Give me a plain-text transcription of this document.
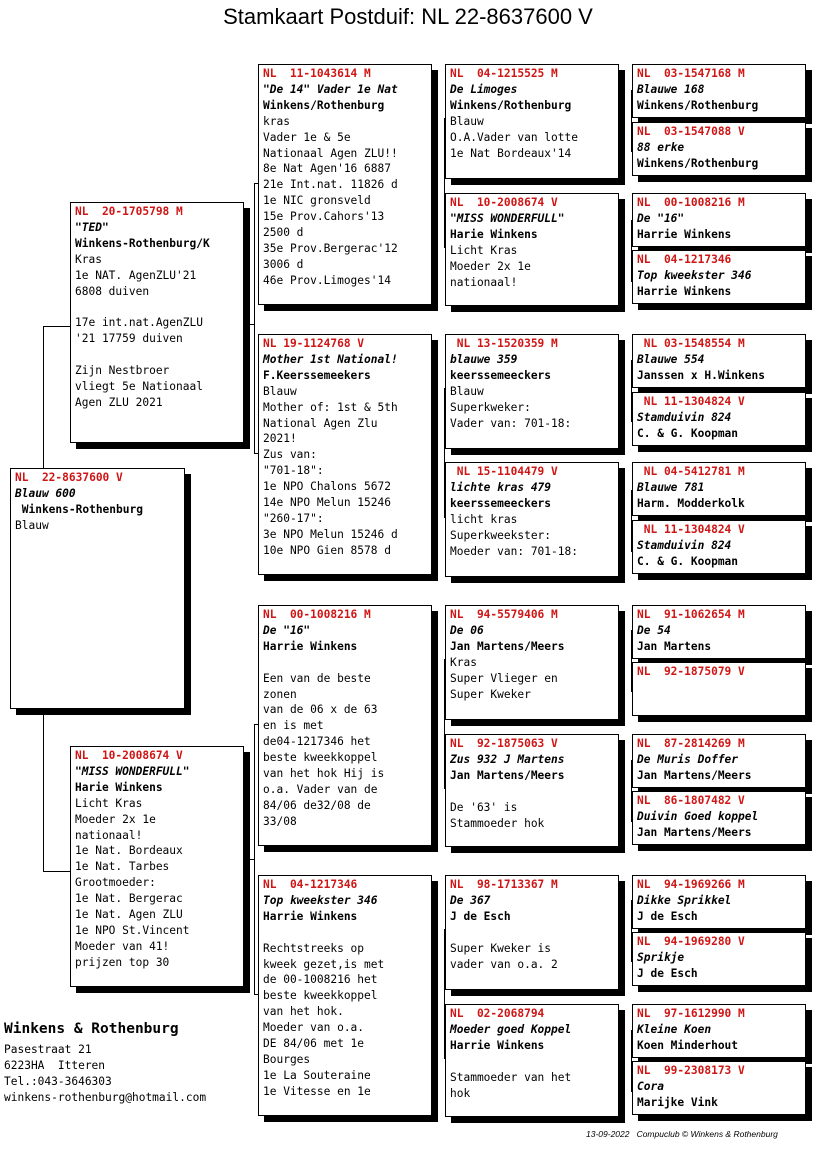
Stamkaart Postduif: NL 22-8637600 V
NL  22-8637600 V
Blauw 600
Winkens-Rothenburg
Blauw
NL  20-1705798 M
"TED"
Winkens-Rothenburg/K
Kras
1e NAT. AgenZLU'21
6808 duiven
17e int.nat.AgenZLU
'21 17759 duiven
Zijn Nestbroer
vliegt 5e Nationaal
Agen ZLU 2021
NL  10-2008674 V
"MISS WONDERFULL"
Harie Winkens
Licht Kras
Moeder 2x 1e
nationaal!
1e Nat. Bordeaux
1e Nat. Tarbes
Grootmoeder:
1e Nat. Bergerac
1e Nat. Agen ZLU
1e NPO St.Vincent
Moeder van 41!
prijzen top 30
NL  11-1043614 M
"De 14" Vader 1e Nat
Winkens/Rothenburg
kras
Vader 1e & 5e
Nationaal Agen ZLU!!
8e Nat Agen'16 6887
21e Int.nat. 11826 d
1e NIC gronsveld
15e Prov.Cahors'13
2500 d
35e Prov.Bergerac'12
3006 d
46e Prov.Limoges'14
NL 19-1124768 V
Mother 1st National!
F.Keerssemeekers
Blauw
Mother of: 1st & 5th
National Agen Zlu
2021!
Zus van:
"701-18":
1e NPO Chalons 5672
14e NPO Melun 15246
"260-17":
3e NPO Melun 15246 d
10e NPO Gien 8578 d
NL  00-1008216 M
De "16"
Harrie Winkens
Een van de beste
zonen
van de 06 x de 63
en is met
de04-1217346 het
beste kweekkoppel
van het hok Hij is
o.a. Vader van de
84/06 de32/08 de
33/08
NL  04-1217346
Top kweekster 346
Harrie Winkens
Rechtstreeks op
kweek gezet,is met
de 00-1008216 het
beste kweekkoppel
van het hok.
Moeder van o.a.
DE 84/06 met 1e
Bourges
1e La Souteraine
1e Vitesse en 1e
NL  04-1215525 M
De Limoges
Winkens/Rothenburg
Blauw
O.A.Vader van lotte
1e Nat Bordeaux'14
NL  10-2008674 V
"MISS WONDERFULL"
Harie Winkens
Licht Kras
Moeder 2x 1e
nationaal!
NL 13-1520359 M
blauwe 359
keerssemeeckers
Blauw
Superkweker:
Vader van: 701-18:
NL 15-1104479 V
lichte kras 479
keerssemeeckers
licht kras
Superkweekster:
Moeder van: 701-18:
NL  94-5579406 M
De 06
Jan Martens/Meers
Kras
Super Vlieger en
Super Kweker
NL  92-1875063 V
Zus 932 J Martens
Jan Martens/Meers
De '63' is
Stammoeder hok
NL  98-1713367 M
De 367
J de Esch
Super Kweker is
vader van o.a. 2
NL  02-2068794
Moeder goed Koppel
Harrie Winkens
Stammoeder van het
hok
NL  03-1547168 M
Blauwe 168
Winkens/Rothenburg
NL  03-1547088 V
88 erke
Winkens/Rothenburg
NL  00-1008216 M
De "16"
Harrie Winkens
NL  04-1217346
Top kweekster 346
Harrie Winkens
NL 03-1548554 M
Blauwe 554
Janssen x H.Winkens
NL 11-1304824 V
Stamduivin 824
C. & G. Koopman
NL 04-5412781 M
Blauwe 781
Harm. Modderkolk
NL 11-1304824 V
Stamduivin 824
C. & G. Koopman
NL  91-1062654 M
De 54
Jan Martens
NL  92-1875079 V
NL  87-2814269 M
De Muris Doffer
Jan Martens/Meers
NL  86-1807482 V
Duivin Goed koppel
Jan Martens/Meers
NL  94-1969266 M
Dikke Sprikkel
J de Esch
NL  94-1969280 V
Sprikje
J de Esch
NL  97-1612990 M
Kleine Koen
Koen Minderhout
NL  99-2308173 V
Cora
Marijke Vink
Winkens & Rothenburg
Pasestraat 21
6223HA  Itteren
Tel.:043-3646303
winkens-rothenburg@hotmail.com
13-09-2022   Compuclub © Winkens & Rothenburg
